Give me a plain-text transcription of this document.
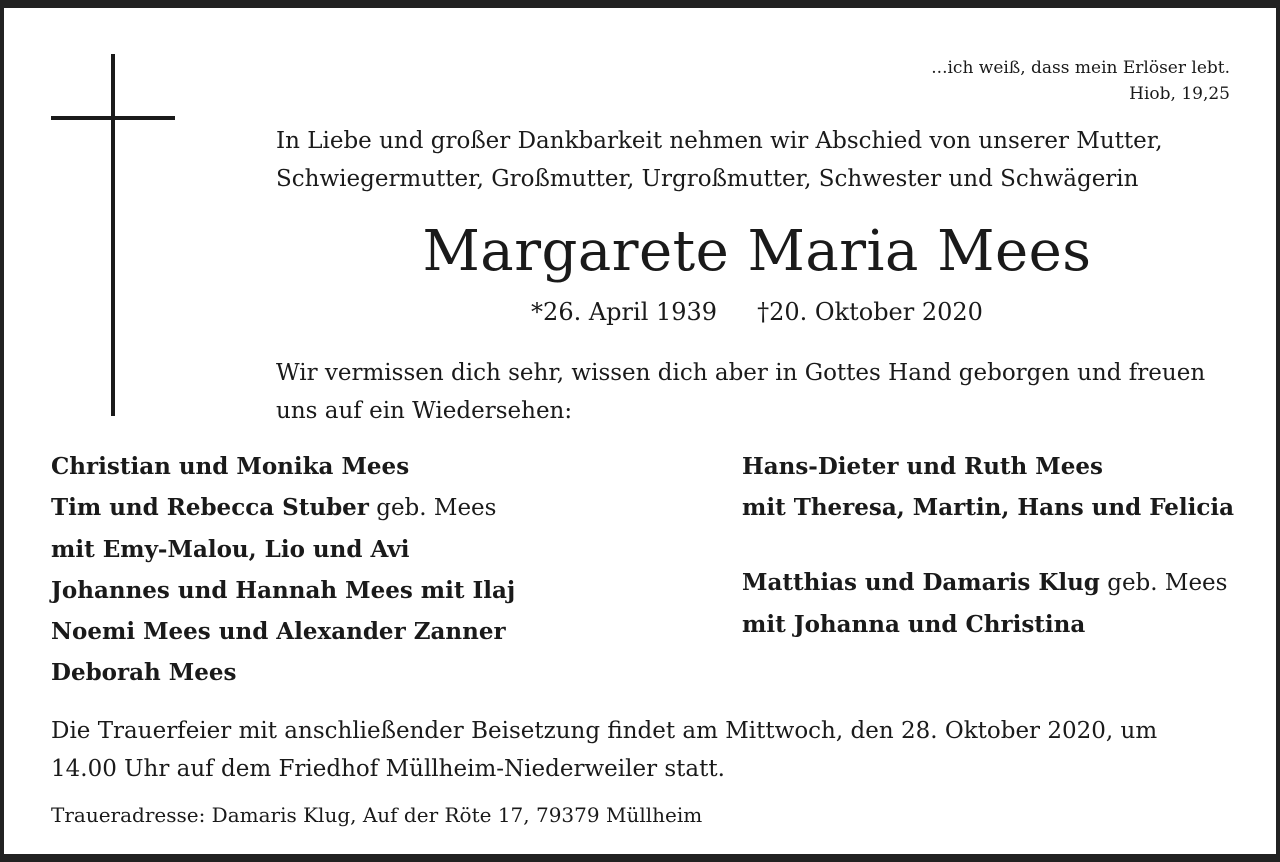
...ich weiß, dass mein Erlöser lebt.
Hiob, 19,25
In Liebe und großer Dankbarkeit nehmen wir Abschied von unserer Mutter,
Schwiegermutter, Großmutter, Urgroßmutter, Schwester und Schwägerin
Margarete Maria Mees
*26. April 1939 †20. Oktober 2020
Wir vermissen dich sehr, wissen dich aber in Gottes Hand geborgen und freuen
uns auf ein Wiedersehen:
Christian und Monika Mees
Tim und Rebecca Stuber geb. Mees
mit Emy-Malou, Lio und Avi
Johannes und Hannah Mees mit Ilaj
Noemi Mees und Alexander Zanner
Deborah Mees
Hans-Dieter und Ruth Mees
mit Theresa, Martin, Hans und Felicia
Matthias und Damaris Klug geb. Mees
mit Johanna und Christina
Die Trauerfeier mit anschließender Beisetzung findet am Mittwoch, den 28. Oktober 2020, um
14.00 Uhr auf dem Friedhof Müllheim-Niederweiler statt.
Traueradresse: Damaris Klug, Auf der Röte 17, 79379 Müllheim
